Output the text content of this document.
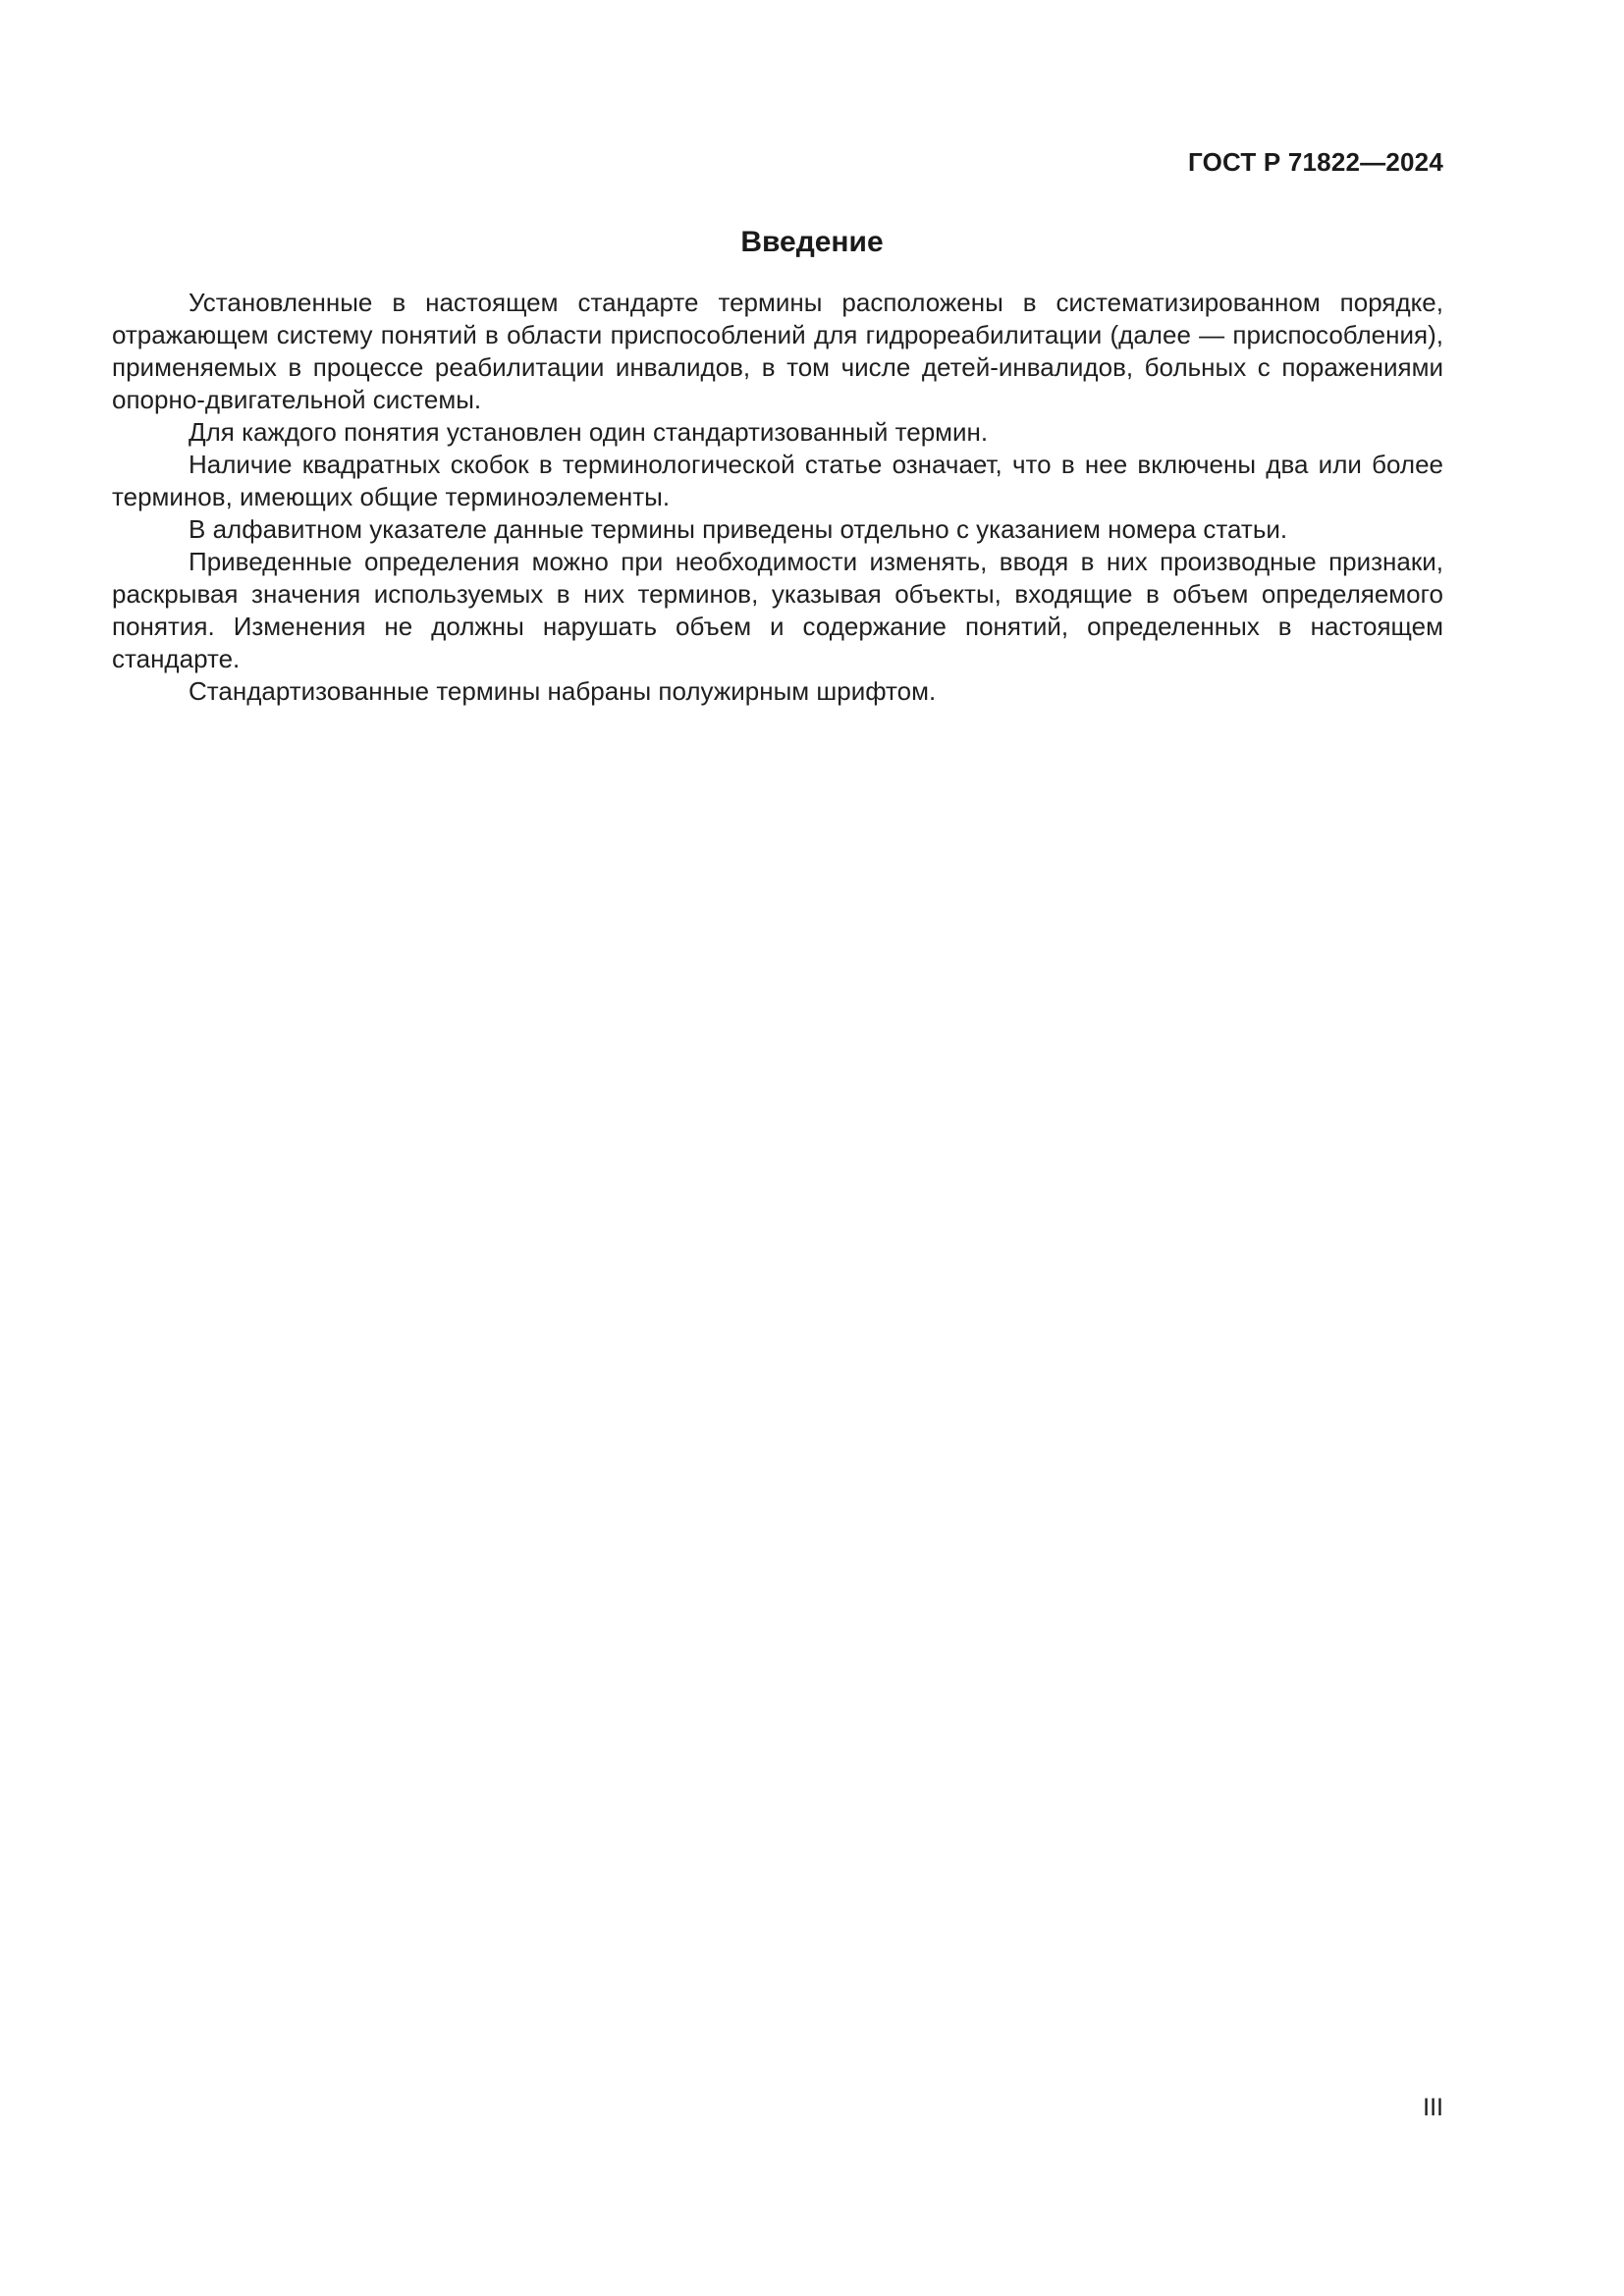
ГОСТ Р 71822—2024
Введение

Установленные в настоящем стандарте термины расположены в систематизированном порядке, отражающем систему понятий в области приспособлений для гидрореабилитации (далее — приспособления), применяемых в процессе реабилитации инвалидов, в том числе детей-инвалидов, больных с поражениями опорно-двигательной системы.

Для каждого понятия установлен один стандартизованный термин.

Наличие квадратных скобок в терминологической статье означает, что в нее включены два или более терминов, имеющих общие терминоэлементы.

В алфавитном указателе данные термины приведены отдельно с указанием номера статьи.

Приведенные определения можно при необходимости изменять, вводя в них производные признаки, раскрывая значения используемых в них терминов, указывая объекты, входящие в объем определяемого понятия. Изменения не должны нарушать объем и содержание понятий, определенных в настоящем стандарте.

Стандартизованные термины набраны полужирным шрифтом.

III
